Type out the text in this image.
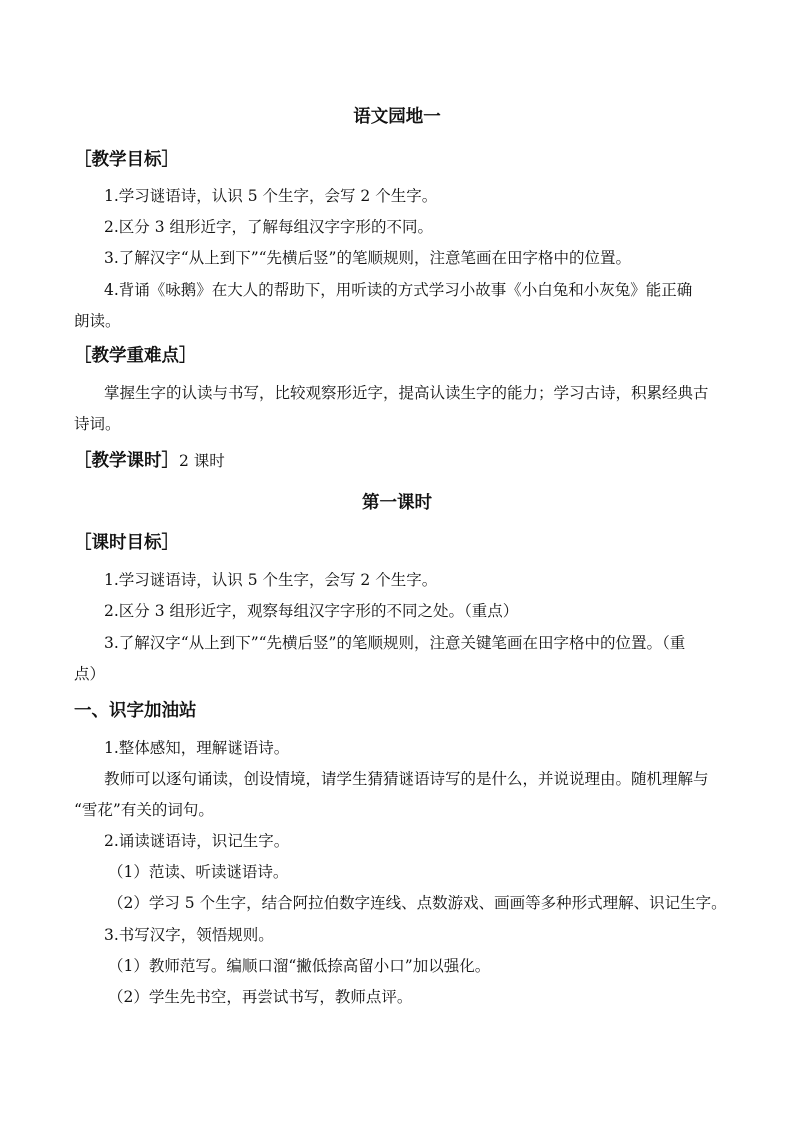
语文园地一
［教学目标］
1.学习谜语诗，认识 5 个生字，会写 2 个生字。
2.区分 3 组形近字，了解每组汉字字形的不同。
3.了解汉字“从上到下”“先横后竖”的笔顺规则，注意笔画在田字格中的位置。
4.背诵《咏鹅》在大人的帮助下，用听读的方式学习小故事《小白兔和小灰兔》能正确
朗读。
［教学重难点］
掌握生字的认读与书写，比较观察形近字，提高认读生字的能力；学习古诗，积累经典古
诗词。
［教学课时］2 课时
第一课时
［课时目标］
1.学习谜语诗，认识 5 个生字，会写 2 个生字。
2.区分 3 组形近字，观察每组汉字字形的不同之处。（重点）
3.了解汉字“从上到下”“先横后竖”的笔顺规则，注意关键笔画在田字格中的位置。（重
点）
一、识字加油站
1.整体感知，理解谜语诗。
教师可以逐句诵读，创设情境，请学生猜猜谜语诗写的是什么，并说说理由。随机理解与
“雪花”有关的词句。
2.诵读谜语诗，识记生字。
（1）范读、听读谜语诗。
（2）学习 5 个生字，结合阿拉伯数字连线、点数游戏、画画等多种形式理解、识记生字。
3.书写汉字，领悟规则。
（1）教师范写。编顺口溜“撇低捺高留小口”加以强化。
（2）学生先书空，再尝试书写，教师点评。
